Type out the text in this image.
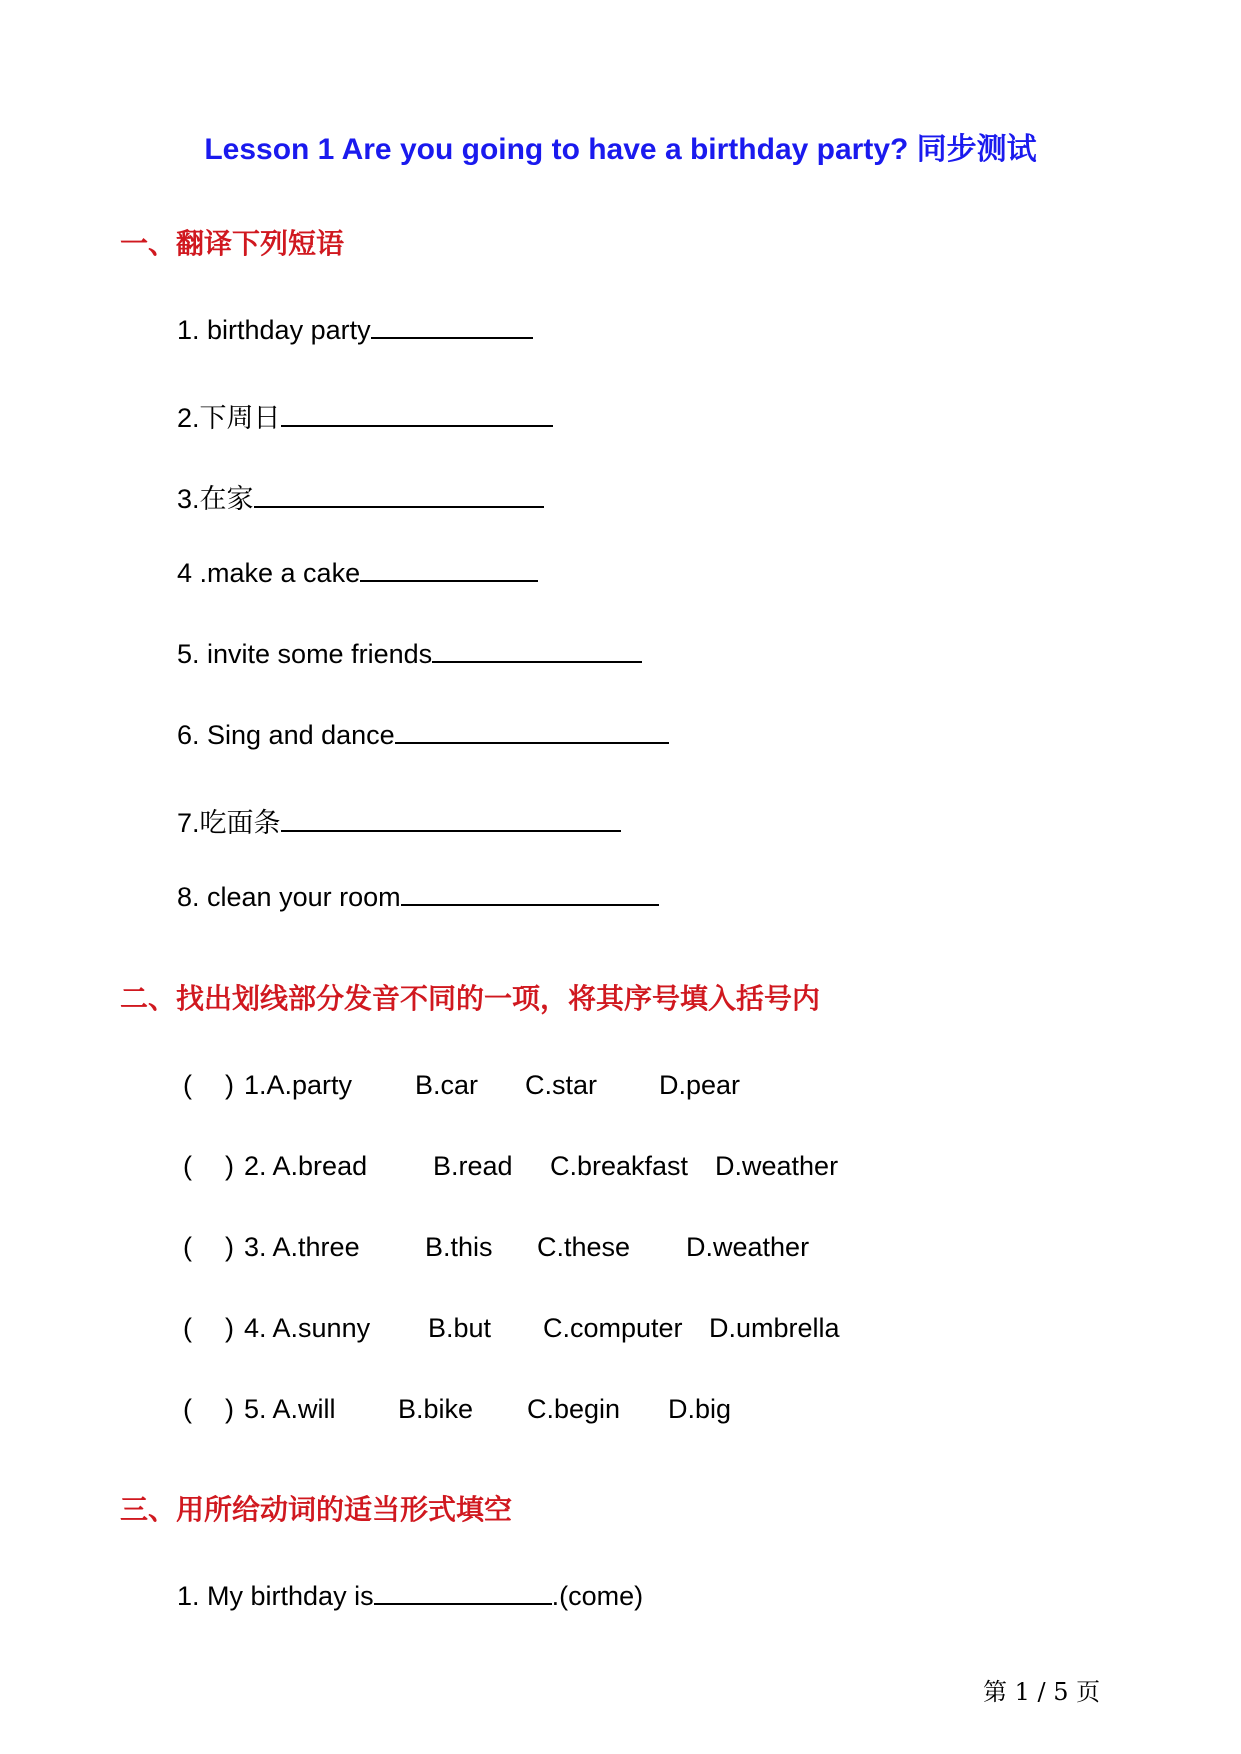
Lesson 1 Are you going to have a birthday party? 同步测试
一、翻译下列短语
1. birthday party
2.下周日
3.在家
4 .make a cake
5. invite some friends
6. Sing and dance
7.吃面条
8. clean your room
二、找出划线部分发音不同的一项，将其序号填入括号内
( ) 1.A.party B.car C.star D.pear
( ) 2. A.bread B.read C.breakfast D.weather
( ) 3. A.three B.this C.these D.weather
( ) 4. A.sunny B.but C.computer D.umbrella
( ) 5. A.will B.bike C.begin D.big
三、用所给动词的适当形式填空
1. My birthday is	.(come)
第 1 / 5 页
